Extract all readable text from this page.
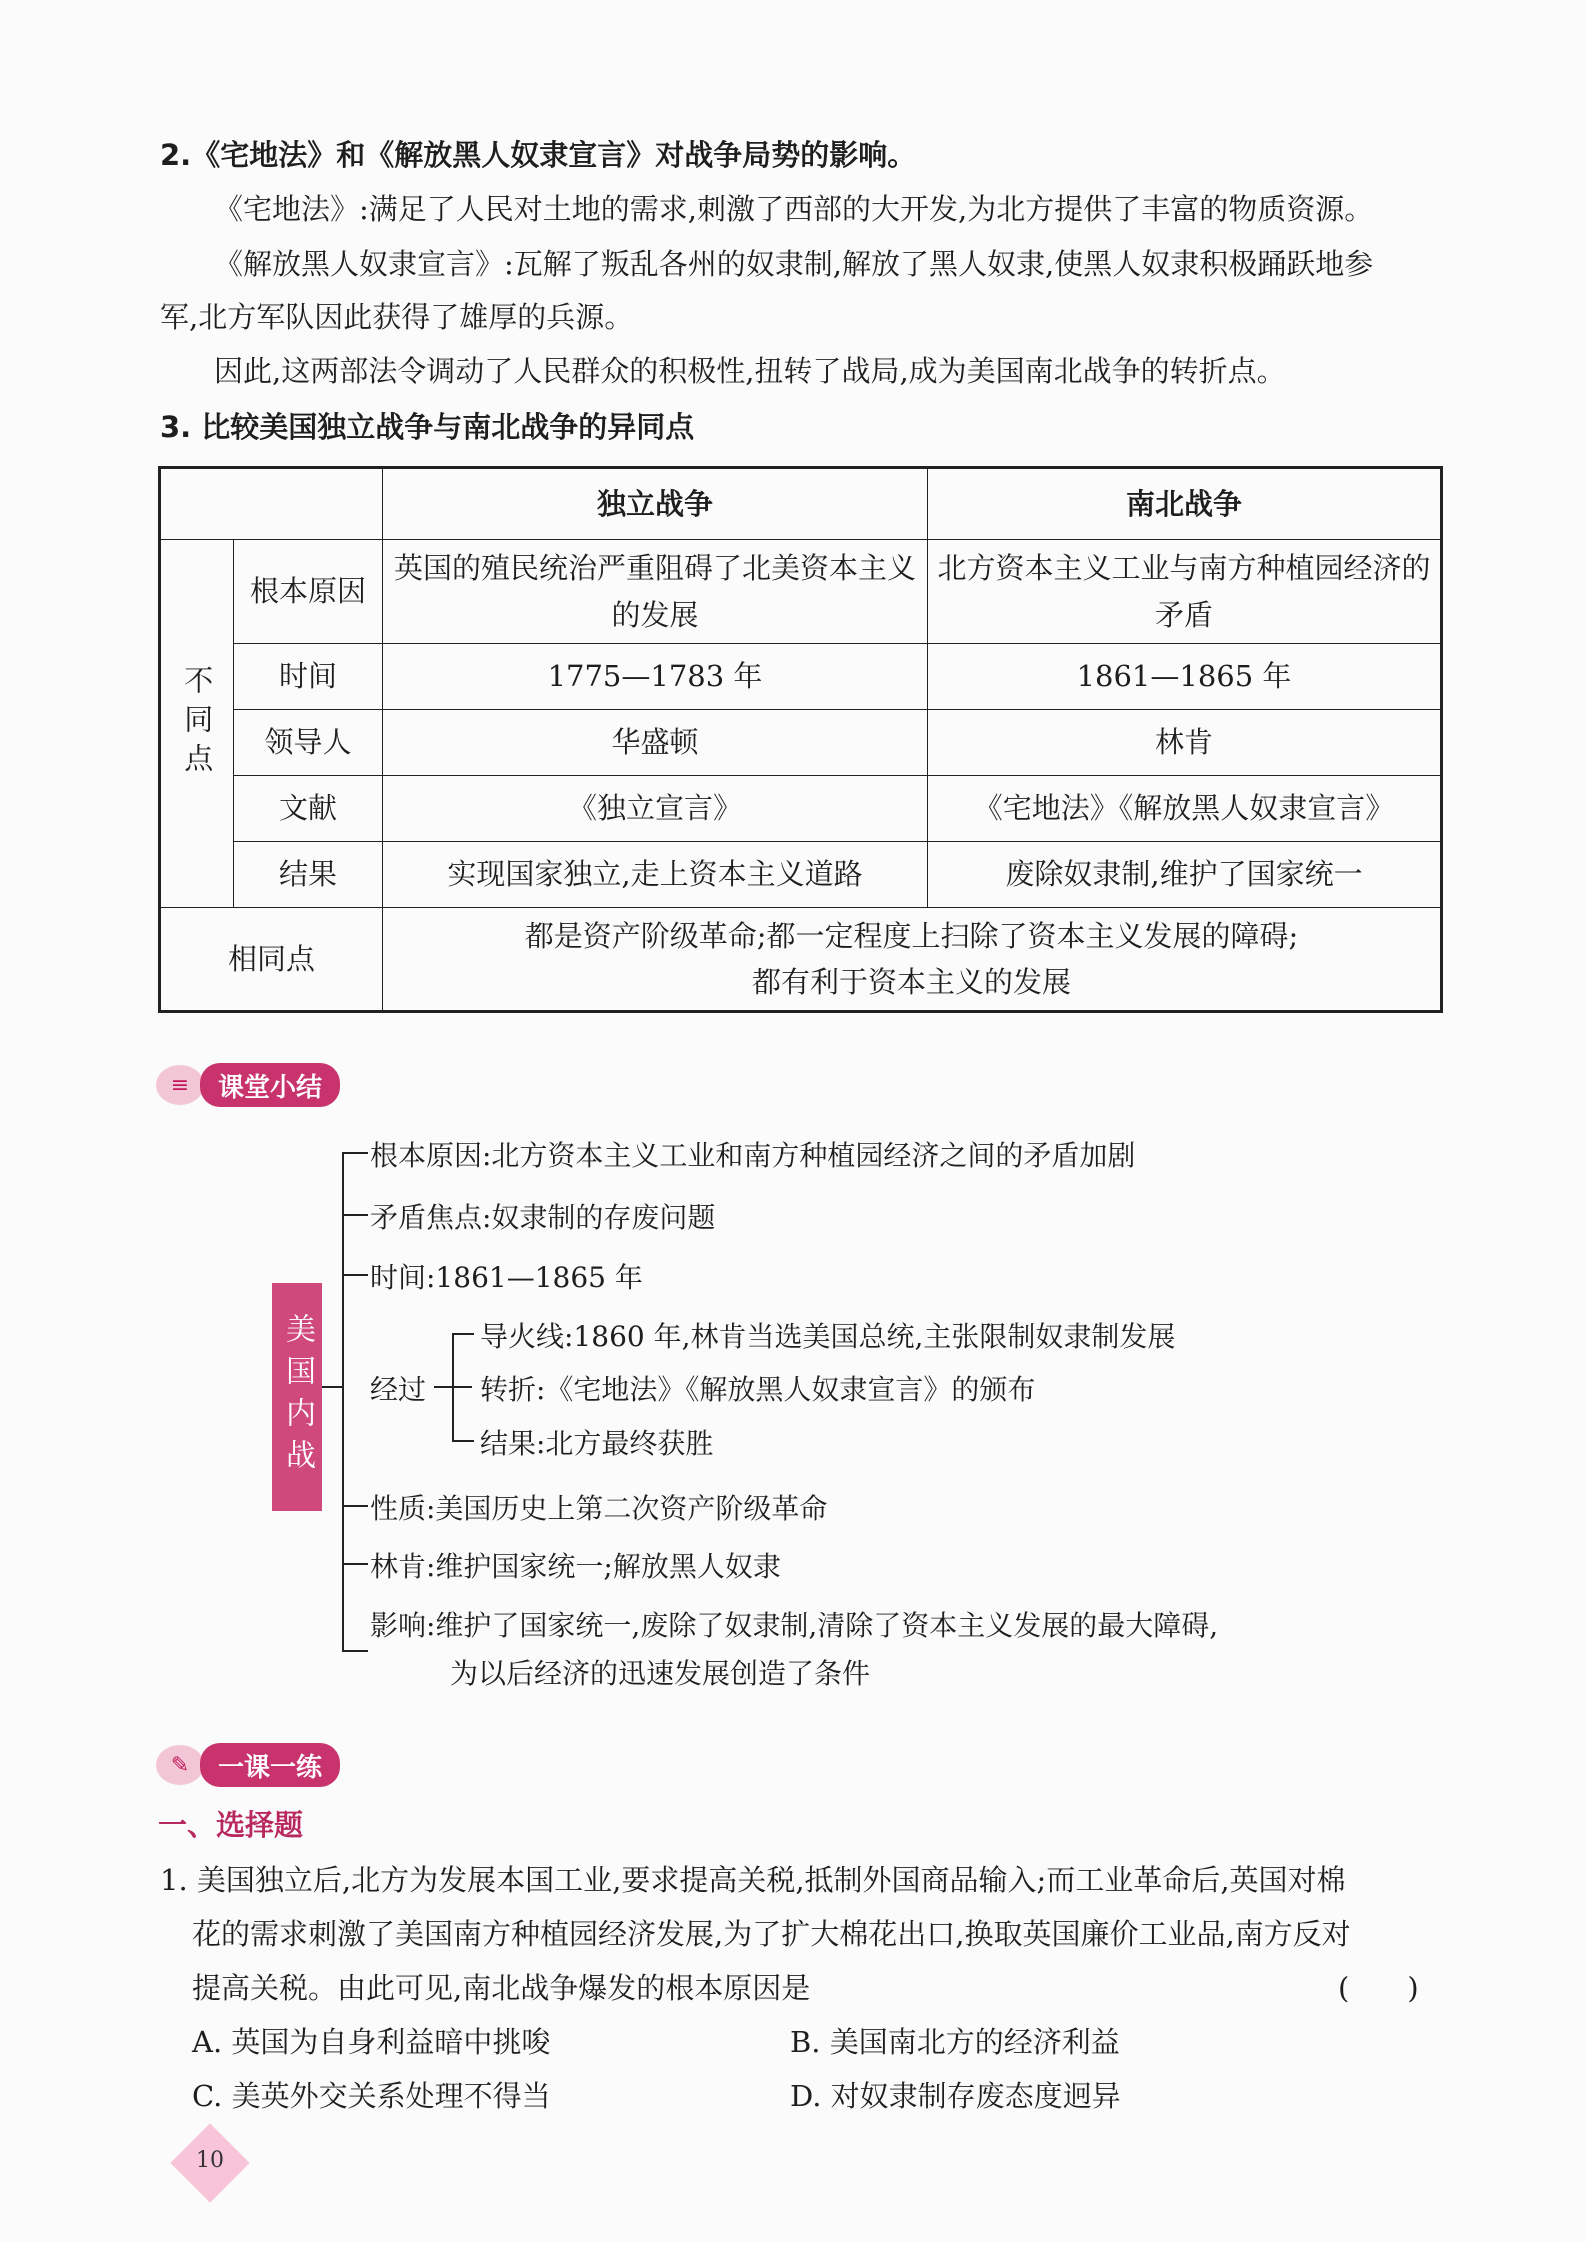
2.《宅地法》和《解放黑人奴隶宣言》对战争局势的影响。
《宅地法》:满足了人民对土地的需求,刺激了西部的大开发,为北方提供了丰富的物质资源。
《解放黑人奴隶宣言》:瓦解了叛乱各州的奴隶制,解放了黑人奴隶,使黑人奴隶积极踊跃地参
军,北方军队因此获得了雄厚的兵源。
因此,这两部法令调动了人民群众的积极性,扭转了战局,成为美国南北战争的转折点。
3. 比较美国独立战争与南北战争的异同点
		独立战争	南北战争
不同点	根本原因	英国的殖民统治严重阻碍了北美资本主义的发展	北方资本主义工业与南方种植园经济的矛盾
	时间	1775—1783 年	1861—1865 年
	领导人	华盛顿	林肯
	文献	《独立宣言》	《宅地法》《解放黑人奴隶宣言》
	结果	实现国家独立,走上资本主义道路	废除奴隶制,维护了国家统一
相同点		都是资产阶级革命;都一定程度上扫除了资本主义发展的障碍;
都有利于资本主义的发展	
≡	课堂小结
美国内战
根本原因:北方资本主义工业和南方种植园经济之间的矛盾加剧
矛盾焦点:奴隶制的存废问题
时间:1861—1865 年
经过
导火线:1860 年,林肯当选美国总统,主张限制奴隶制发展
转折:《宅地法》《解放黑人奴隶宣言》的颁布
结果:北方最终获胜
性质:美国历史上第二次资产阶级革命
林肯:维护国家统一;解放黑人奴隶
影响:维护了国家统一,废除了奴隶制,清除了资本主义发展的最大障碍,
为以后经济的迅速发展创造了条件
✎	一课一练
一、选择题
1. 美国独立后,北方为发展本国工业,要求提高关税,抵制外国商品输入;而工业革命后,英国对棉
花的需求刺激了美国南方种植园经济发展,为了扩大棉花出口,换取英国廉价工业品,南方反对
提高关税。由此可见,南北战争爆发的根本原因是	(　　)
A. 英国为自身利益暗中挑唆	B. 美国南北方的经济利益
C. 美英外交关系处理不得当	D. 对奴隶制存废态度迥异
10
